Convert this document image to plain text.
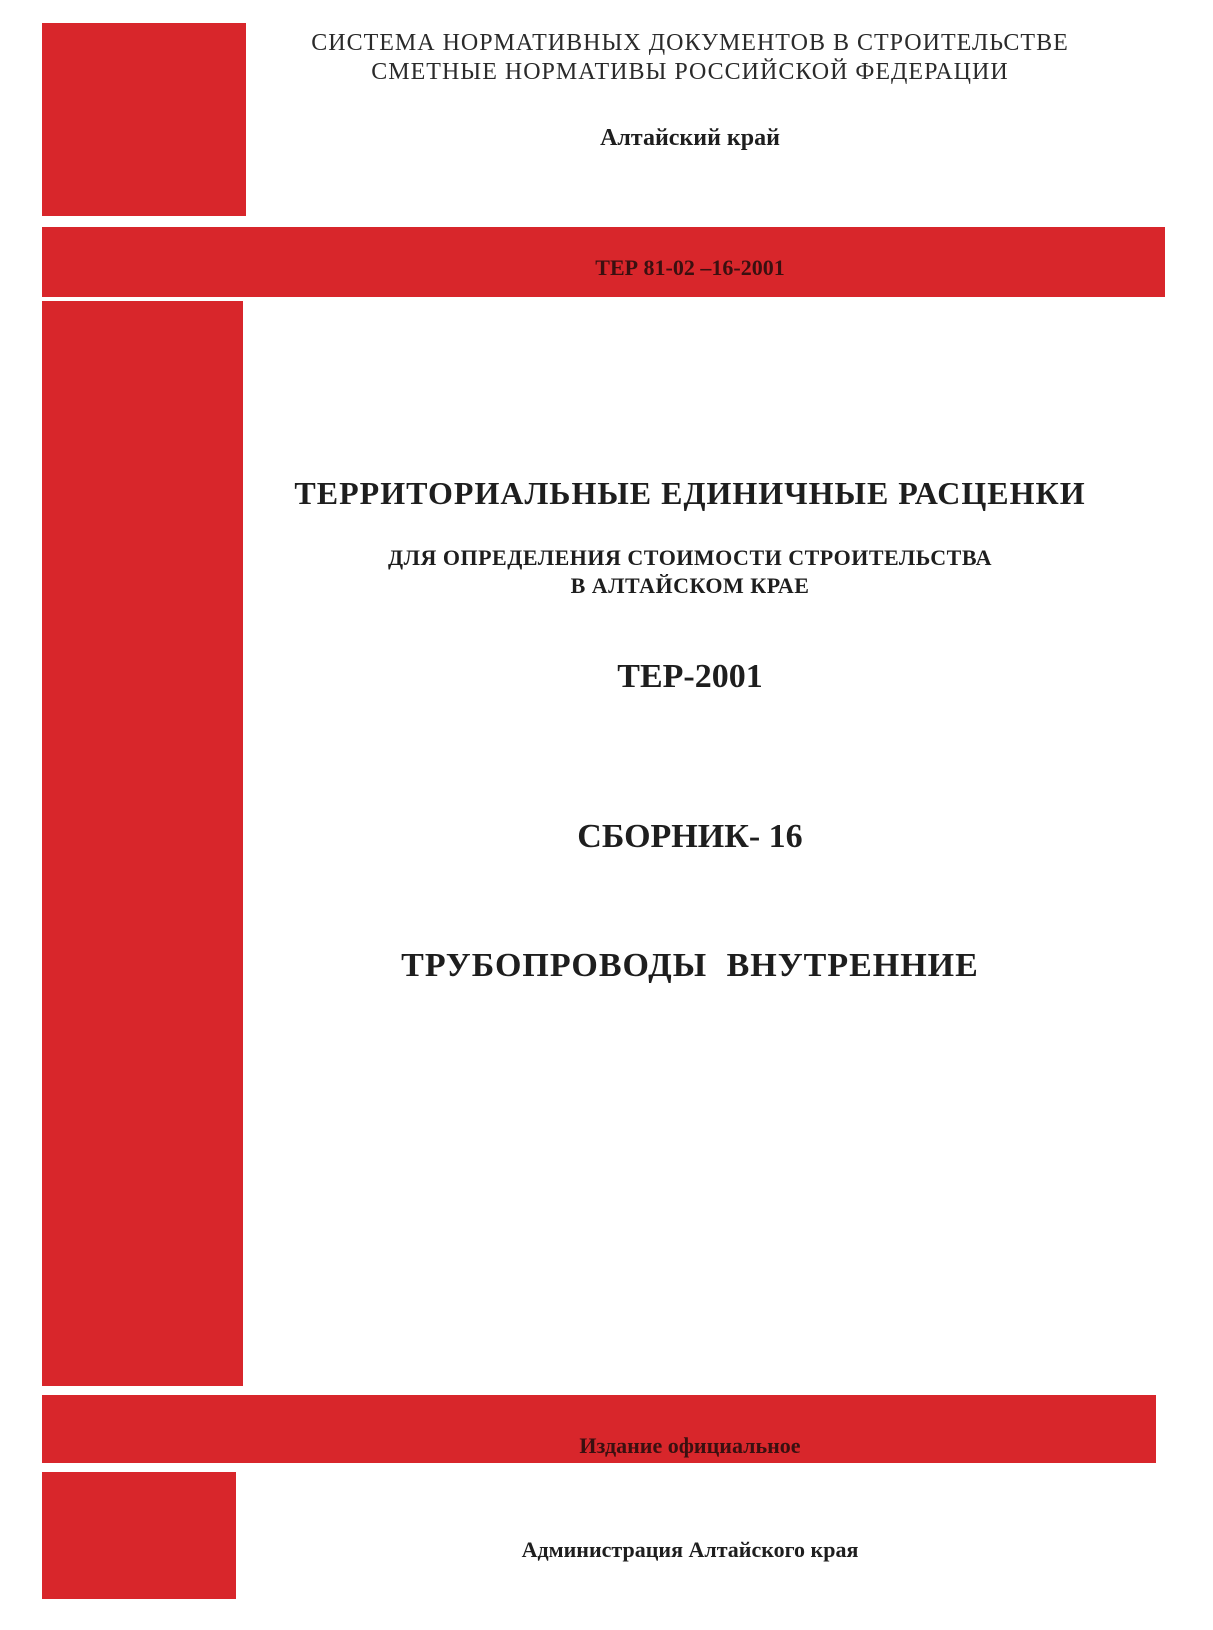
СИСТЕМА НОРМАТИВНЫХ ДОКУМЕНТОВ В СТРОИТЕЛЬСТВЕ
СМЕТНЫЕ НОРМАТИВЫ РОССИЙСКОЙ ФЕДЕРАЦИИ
Алтайский край
ТЕР 81-02 –16-2001
ТЕРРИТОРИАЛЬНЫЕ ЕДИНИЧНЫЕ РАСЦЕНКИ
ДЛЯ ОПРЕДЕЛЕНИЯ СТОИМОСТИ СТРОИТЕЛЬСТВА
В АЛТАЙСКОМ КРАЕ
ТЕР-2001
СБОРНИК- 16
ТРУБОПРОВОДЫ ВНУТРЕННИЕ
Издание официальное
Администрация Алтайского края
